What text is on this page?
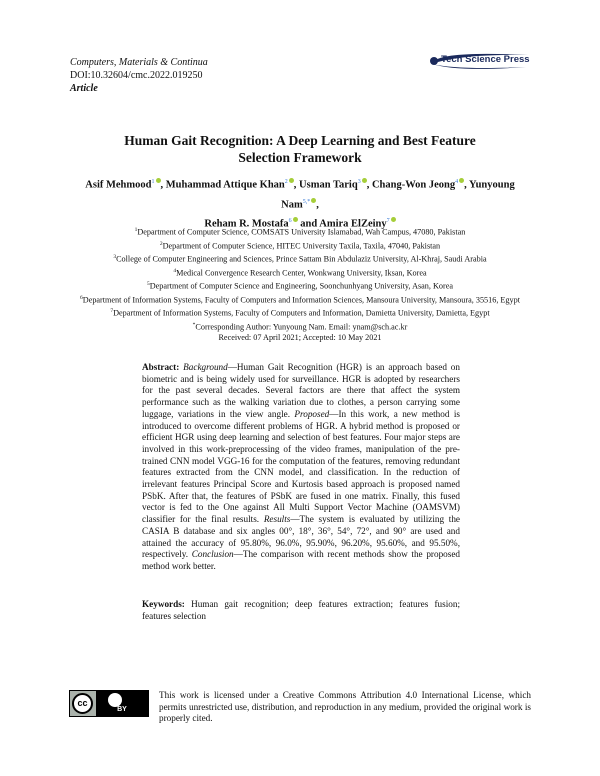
Computers, Materials & Continua
DOI:10.32604/cmc.2022.019250
Article
Tech Science Press
Human Gait Recognition: A Deep Learning and Best Feature
Selection Framework
Asif Mehmood$^1$ , Muhammad Attique Khan$^2$ , Usman Tariq$^3$ , Chang-Won Jeong$^4$ , Yunyoung Nam$^{5,*}$ ,
Reham R. Mostafa$^6$ and Amira ElZeiny$^7$
$^1$Department of Computer Science, COMSATS University Islamabad, Wah Campus, 47080, Pakistan
$^2$Department of Computer Science, HITEC University Taxila, Taxila, 47040, Pakistan
$^3$College of Computer Engineering and Sciences, Prince Sattam Bin Abdulaziz University, Al-Khraj, Saudi Arabia
$^4$Medical Convergence Research Center, Wonkwang University, Iksan, Korea
$^5$Department of Computer Science and Engineering, Soonchunhyang University, Asan, Korea
$^6$Department of Information Systems, Faculty of Computers and Information Sciences, Mansoura University, Mansoura, 35516, Egypt
$^7$Department of Information Systems, Faculty of Computers and Information, Damietta University, Damietta, Egypt
*Corresponding Author: Yunyoung Nam. Email: ynam@sch.ac.kr
Received: 07 April 2021; Accepted: 10 May 2021
Abstract: Background—Human Gait Recognition (HGR) is an approach based on biometric and is being widely used for surveillance. HGR is adopted by researchers for the past several decades. Several factors are there that affect the system performance such as the walking variation due to clothes, a person carrying some luggage, variations in the view angle. Proposed—In this work, a new method is introduced to overcome different problems of HGR. A hybrid method is proposed or efficient HGR using deep learning and selection of best features. Four major steps are involved in this work-preprocessing of the video frames, manipulation of the pre-trained CNN model VGG-16 for the computation of the features, removing redundant features extracted from the CNN model, and classification. In the reduction of irrelevant features Principal Score and Kurtosis based approach is proposed named PSbK. After that, the features of PSbK are fused in one matrix. Finally, this fused vector is fed to the One against All Multi Support Vector Machine (OAMSVM) classifier for the final results. Results—The system is evaluated by utilizing the CASIA B database and six angles 00°, 18°, 36°, 54°, 72°, and 90° are used and attained the accuracy of 95.80%, 96.0%, 95.90%, 96.20%, 95.60%, and 95.50%, respectively. Conclusion—The comparison with recent methods show the proposed method work better.
Keywords: Human gait recognition; deep features extraction; features fusion; features selection
cc
BY
This work is licensed under a Creative Commons Attribution 4.0 International License, which permits unrestricted use, distribution, and reproduction in any medium, provided the original work is properly cited.
